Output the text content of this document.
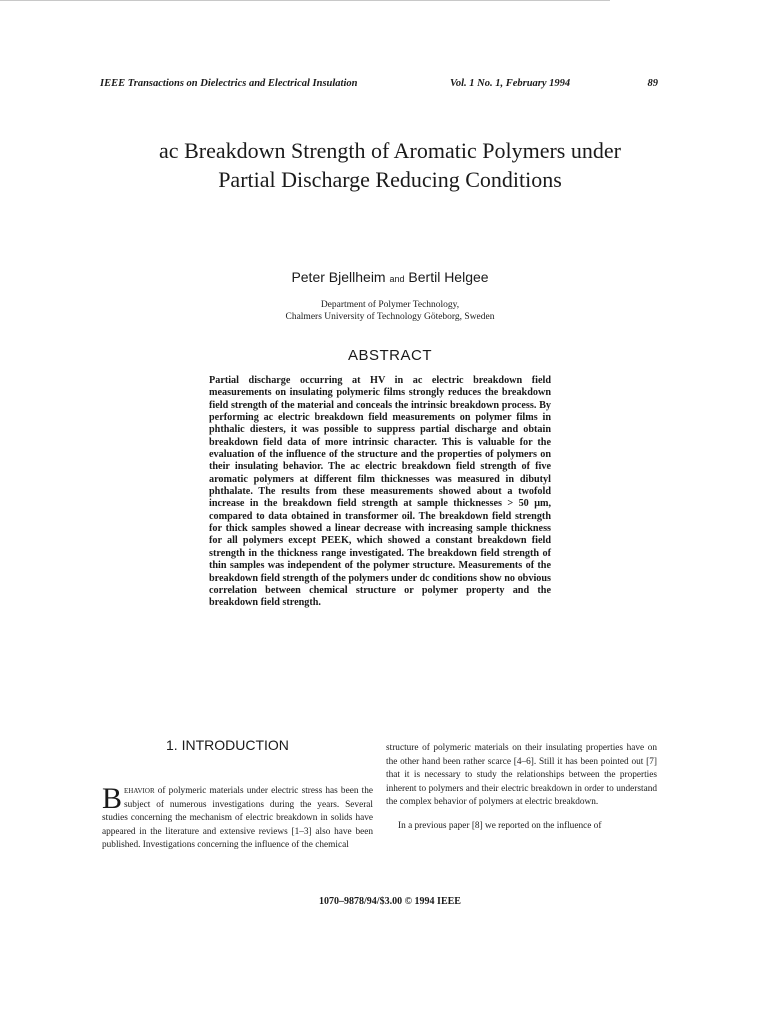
IEEE Transactions on Dielectrics and Electrical Insulation	Vol. 1 No. 1, February 1994	89
ac Breakdown Strength of Aromatic Polymers under Partial Discharge Reducing Conditions
Peter Bjellheim and Bertil Helgee
Department of Polymer Technology,
Chalmers University of Technology Göteborg, Sweden
ABSTRACT
Partial discharge occurring at HV in ac electric breakdown field measurements on insulating polymeric films strongly reduces the breakdown field strength of the material and conceals the intrinsic breakdown process. By performing ac electric breakdown field measurements on polymer films in phthalic diesters, it was possible to suppress partial discharge and obtain breakdown field data of more intrinsic character. This is valuable for the evaluation of the influence of the structure and the properties of polymers on their insulating behavior. The ac electric breakdown field strength of five aromatic polymers at different film thicknesses was measured in dibutyl phthalate. The results from these measurements showed about a twofold increase in the breakdown field strength at sample thicknesses > 50 μm, compared to data obtained in transformer oil. The breakdown field strength for thick samples showed a linear decrease with increasing sample thickness for all polymers except PEEK, which showed a constant breakdown field strength in the thickness range investigated. The breakdown field strength of thin samples was independent of the polymer structure. Measurements of the breakdown field strength of the polymers under dc conditions show no obvious correlation between chemical structure or polymer property and the breakdown field strength.
1. INTRODUCTION
Behavior of polymeric materials under electric stress has been the subject of numerous investigations during the years. Several studies concerning the mechanism of electric breakdown in solids have appeared in the literature and extensive reviews [1–3] also have been published. Investigations concerning the influence of the chemical

structure of polymeric materials on their insulating properties have on the other hand been rather scarce [4–6]. Still it has been pointed out [7] that it is necessary to study the relationships between the properties inherent to polymers and their electric breakdown in order to understand the complex behavior of polymers at electric breakdown.

In a previous paper [8] we reported on the influence of

1070–9878/94/$3.00 © 1994 IEEE
